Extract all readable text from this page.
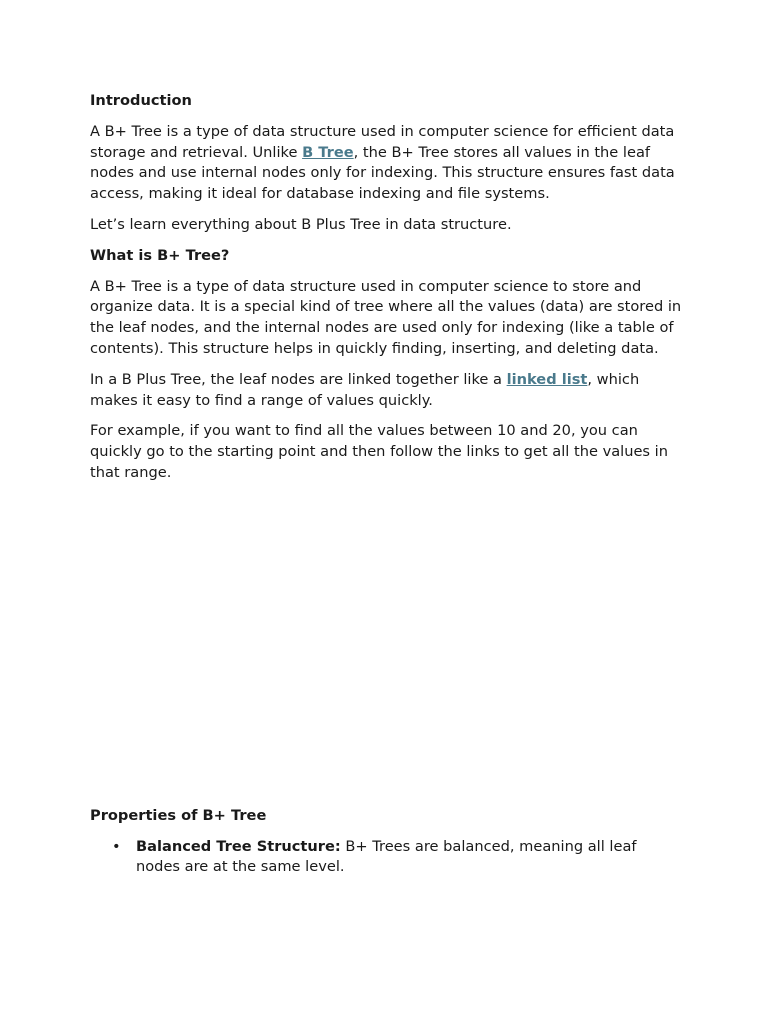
Introduction

A B+ Tree is a type of data structure used in computer science for efficient data storage and retrieval. Unlike B Tree, the B+ Tree stores all values in the leaf nodes and use internal nodes only for indexing. This structure ensures fast data access, making it ideal for database indexing and file systems.

Let’s learn everything about B Plus Tree in data structure.

What is B+ Tree?

A B+ Tree is a type of data structure used in computer science to store and organize data. It is a special kind of tree where all the values (data) are stored in the leaf nodes, and the internal nodes are used only for indexing (like a table of contents). This structure helps in quickly finding, inserting, and deleting data.

In a B Plus Tree, the leaf nodes are linked together like a linked list, which makes it easy to find a range of values quickly.

For example, if you want to find all the values between 10 and 20, you can quickly go to the starting point and then follow the links to get all the values in that range.

Properties of B+ Tree
• Balanced Tree Structure: B+ Trees are balanced, meaning all leaf nodes are at the same level.
